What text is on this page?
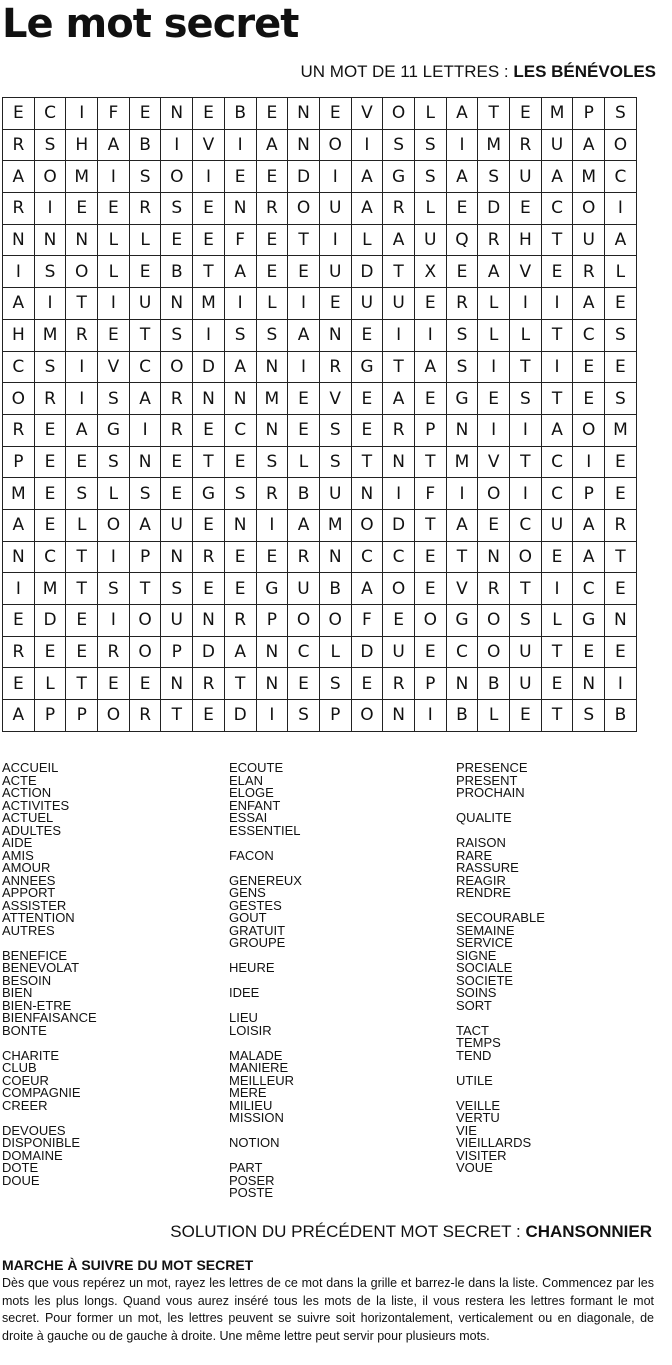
Le mot secret
UN MOT DE 11 LETTRES : LES BÉNÉVOLES
E	C	I	F	E	N	E	B	E	N	E	V	O	L	A	T	E	M	P	S
R	S	H	A	B	I	V	I	A	N	O	I	S	S	I	M	R	U	A	O
A	O	M	I	S	O	I	E	E	D	I	A	G	S	A	S	U	A	M	C
R	I	E	E	R	S	E	N	R	O	U	A	R	L	E	D	E	C	O	I
N	N	N	L	L	E	E	F	E	T	I	L	A	U	Q	R	H	T	U	A
I	S	O	L	E	B	T	A	E	E	U	D	T	X	E	A	V	E	R	L
A	I	T	I	U	N	M	I	L	I	E	U	U	E	R	L	I	I	A	E
H	M	R	E	T	S	I	S	S	A	N	E	I	I	S	L	L	T	C	S
C	S	I	V	C	O	D	A	N	I	R	G	T	A	S	I	T	I	E	E
O	R	I	S	A	R	N	N	M	E	V	E	A	E	G	E	S	T	E	S
R	E	A	G	I	R	E	C	N	E	S	E	R	P	N	I	I	A	O	M
P	E	E	S	N	E	T	E	S	L	S	T	N	T	M	V	T	C	I	E
M	E	S	L	S	E	G	S	R	B	U	N	I	F	I	O	I	C	P	E
A	E	L	O	A	U	E	N	I	A	M	O	D	T	A	E	C	U	A	R
N	C	T	I	P	N	R	E	E	R	N	C	C	E	T	N	O	E	A	T
I	M	T	S	T	S	E	E	G	U	B	A	O	E	V	R	T	I	C	E
E	D	E	I	O	U	N	R	P	O	O	F	E	O	G	O	S	L	G	N
R	E	E	R	O	P	D	A	N	C	L	D	U	E	C	O	U	T	E	E
E	L	T	E	E	N	R	T	N	E	S	E	R	P	N	B	U	E	N	I
A	P	P	O	R	T	E	D	I	S	P	O	N	I	B	L	E	T	S	B
ACCUEIL
ACTE
ACTION
ACTIVITES
ACTUEL
ADULTES
AIDE
AMIS
AMOUR
ANNEES
APPORT
ASSISTER
ATTENTION
AUTRES
BENEFICE
BENEVOLAT
BESOIN
BIEN
BIEN-ETRE
BIENFAISANCE
BONTE
CHARITE
CLUB
COEUR
COMPAGNIE
CREER
DEVOUES
DISPONIBLE
DOMAINE
DOTE
DOUE
ECOUTE
ELAN
ELOGE
ENFANT
ESSAI
ESSENTIEL
FACON
GENEREUX
GENS
GESTES
GOUT
GRATUIT
GROUPE
HEURE
IDEE
LIEU
LOISIR
MALADE
MANIERE
MEILLEUR
MERE
MILIEU
MISSION
NOTION
PART
POSER
POSTE
PRESENCE
PRESENT
PROCHAIN
QUALITE
RAISON
RARE
RASSURE
REAGIR
RENDRE
SECOURABLE
SEMAINE
SERVICE
SIGNE
SOCIALE
SOCIETE
SOINS
SORT
TACT
TEMPS
TEND
UTILE
VEILLE
VERTU
VIE
VIEILLARDS
VISITER
VOUE
SOLUTION DU PRÉCÉDENT MOT SECRET : CHANSONNIER
MARCHE À SUIVRE DU MOT SECRET
Dès que vous repérez un mot, rayez les lettres de ce mot dans la grille et barrez-le dans la liste. Commencez par les mots les plus longs. Quand vous aurez inséré tous les mots de la liste, il vous restera les lettres formant le mot secret. Pour former un mot, les lettres peuvent se suivre soit horizontalement, verticalement ou en diagonale, de droite à gauche ou de gauche à droite. Une même lettre peut servir pour plusieurs mots.
